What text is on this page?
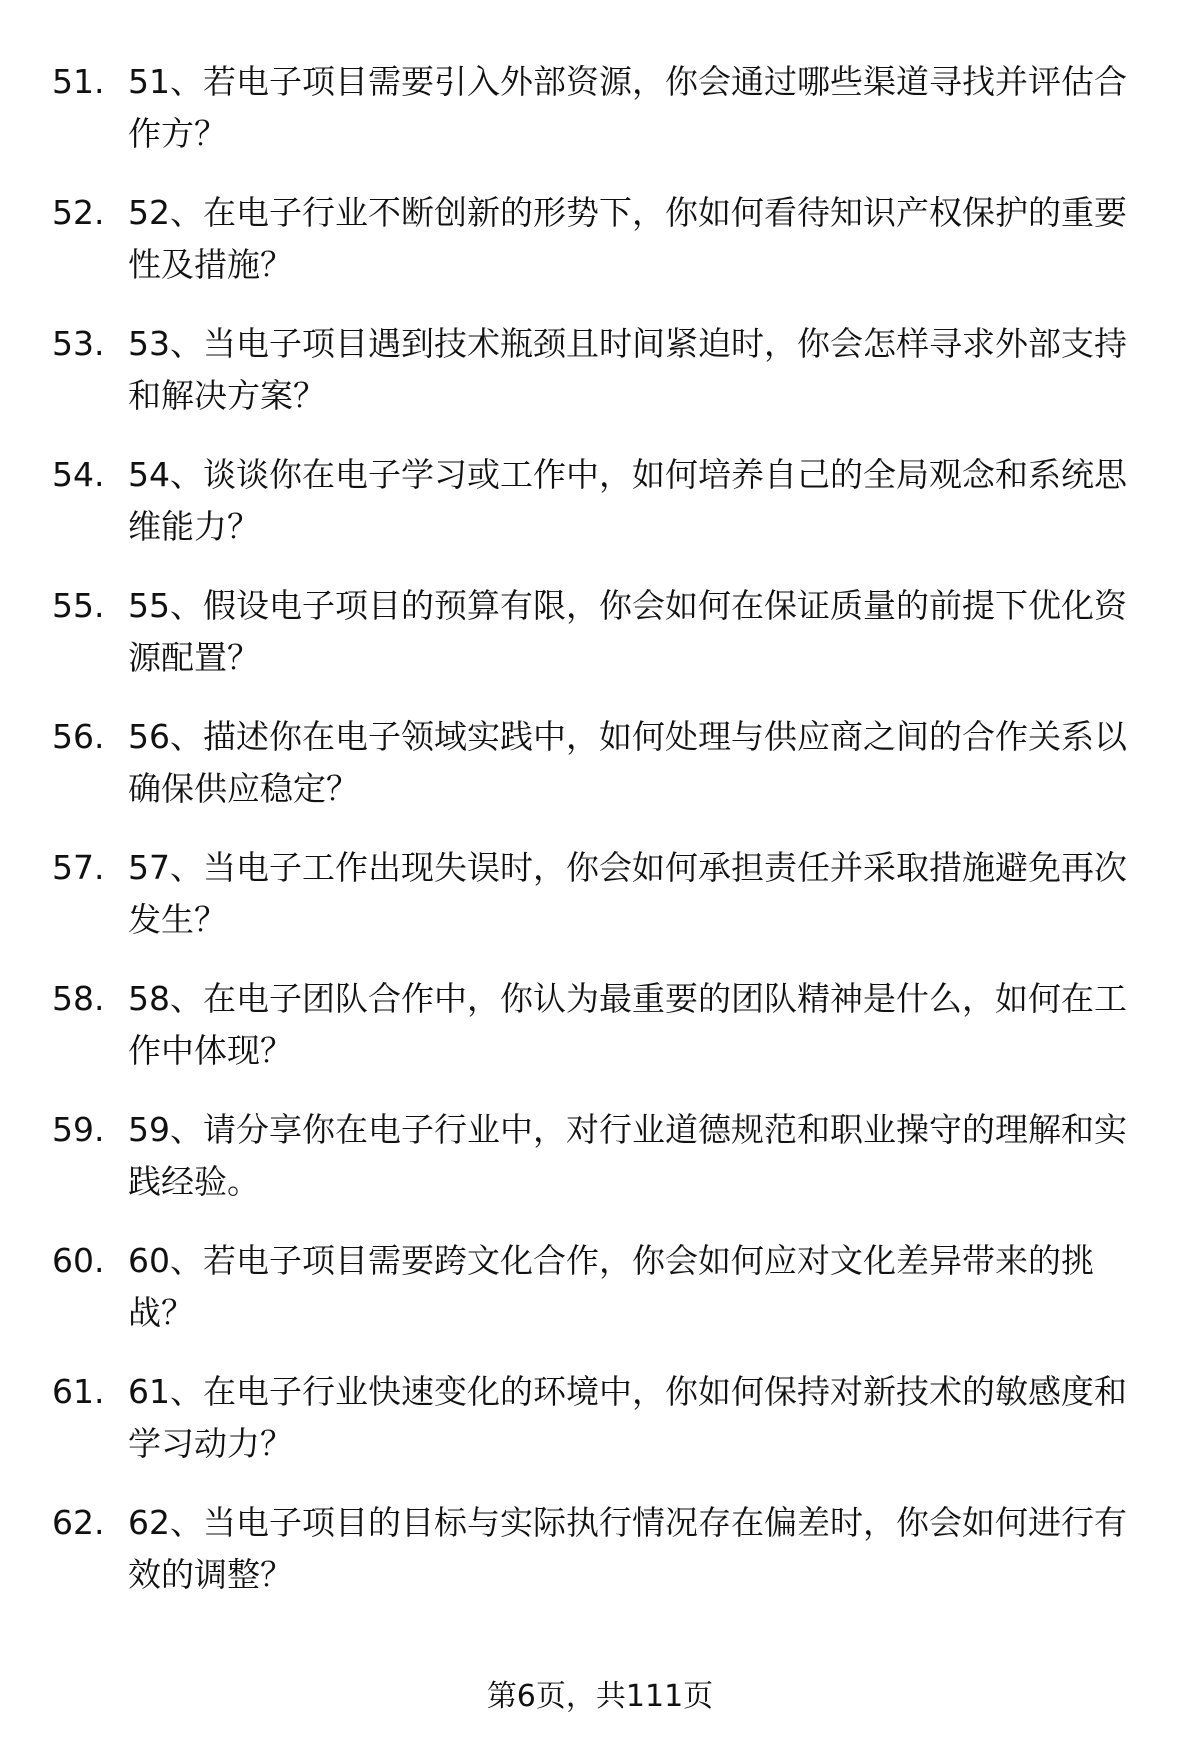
51. 51、若电子项目需要引入外部资源，你会通过哪些渠道寻找并评估合作方？
52. 52、在电子行业不断创新的形势下，你如何看待知识产权保护的重要性及措施？
53. 53、当电子项目遇到技术瓶颈且时间紧迫时，你会怎样寻求外部支持和解决方案？
54. 54、谈谈你在电子学习或工作中，如何培养自己的全局观念和系统思维能力？
55. 55、假设电子项目的预算有限，你会如何在保证质量的前提下优化资源配置？
56. 56、描述你在电子领域实践中，如何处理与供应商之间的合作关系以确保供应稳定？
57. 57、当电子工作出现失误时，你会如何承担责任并采取措施避免再次发生？
58. 58、在电子团队合作中，你认为最重要的团队精神是什么，如何在工作中体现？
59. 59、请分享你在电子行业中，对行业道德规范和职业操守的理解和实践经验。
60. 60、若电子项目需要跨文化合作，你会如何应对文化差异带来的挑战？
61. 61、在电子行业快速变化的环境中，你如何保持对新技术的敏感度和学习动力？
62. 62、当电子项目的目标与实际执行情况存在偏差时，你会如何进行有效的调整？
第6页，共111页
